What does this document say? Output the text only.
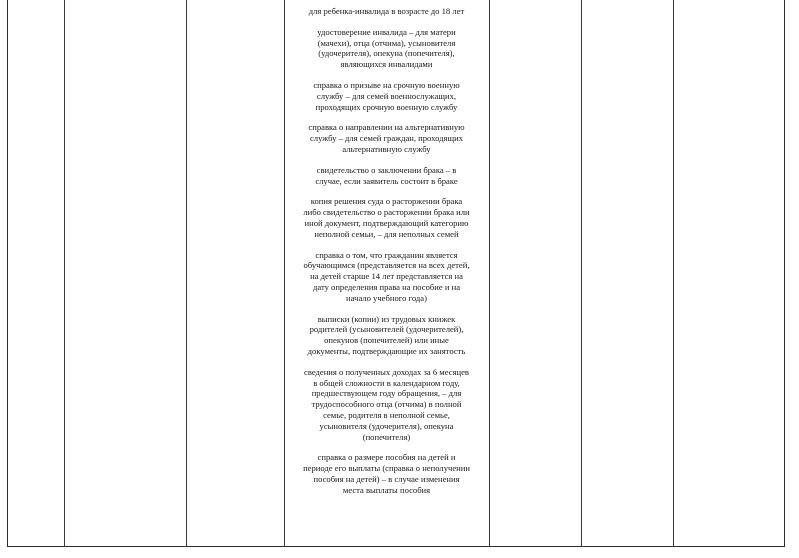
для ребенка-инвалида в возрасте до 18 лет
удостоверение инвалида – для матери
(мачехи), отца (отчима), усыновителя
(удочерителя), опекуна (попечителя),
являющихся инвалидами
справка о призыве на срочную военную
службу – для семей военнослужащих,
проходящих срочную военную службу
справка о направлении на альтернативную
службу – для семей граждан, проходящих
альтернативную службу
свидетельство о заключении брака – в
случае, если заявитель состоит в браке
копия решения суда о расторжении брака
либо свидетельство о расторжении брака или
иной документ, подтверждающий категорию
неполной семьи, – для неполных семей
справка о том, что гражданин является
обучающимся (представляется на всех детей,
на детей старше 14 лет представляется на
дату определения права на пособие и на
начало учебного года)
выписки (копии) из трудовых книжек
родителей (усыновителей (удочерителей),
опекунов (попечителей) или иные
документы, подтверждающие их занятость
сведения о полученных доходах за 6 месяцев
в общей сложности в календарном году,
предшествующем году обращения, – для
трудоспособного отца (отчима) в полной
семье, родителя в неполной семье,
усыновителя (удочерителя), опекуна
(попечителя)
справка о размере пособия на детей и
периоде его выплаты (справка о неполучении
пособия на детей) – в случае изменения
места выплаты пособия
